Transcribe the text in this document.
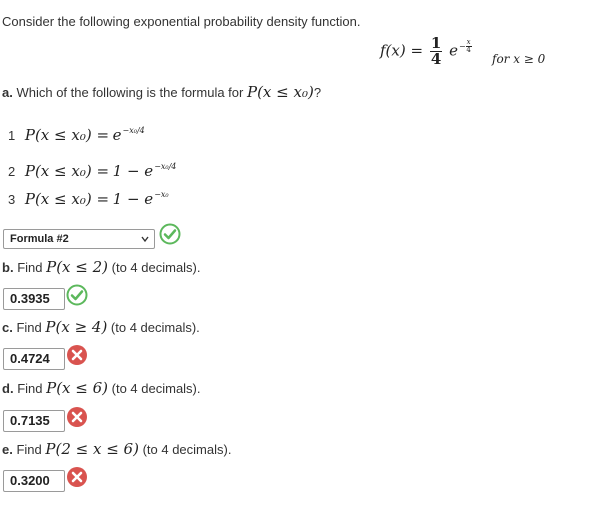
Consider the following exponential probability density function.
$f(x) = \frac{1}{4} e^{- \frac{x}{4}}$
for x ≥ 0
a. Which of the following is the formula for P(x ≤ x₀)?
1 $P(x \le x_0) = e^{-x_0/4}$
2 $P(x \le x_0) = 1 - e^{-x_0/4}$
3 $P(x \le x_0) = 1 - e^{-x_0}$
Formula #2
b. Find P(x ≤ 2) (to 4 decimals).
0.3935
c. Find P(x ≥ 4) (to 4 decimals).
0.4724
d. Find P(x ≤ 6) (to 4 decimals).
0.7135
e. Find P(2 ≤ x ≤ 6) (to 4 decimals).
0.3200
